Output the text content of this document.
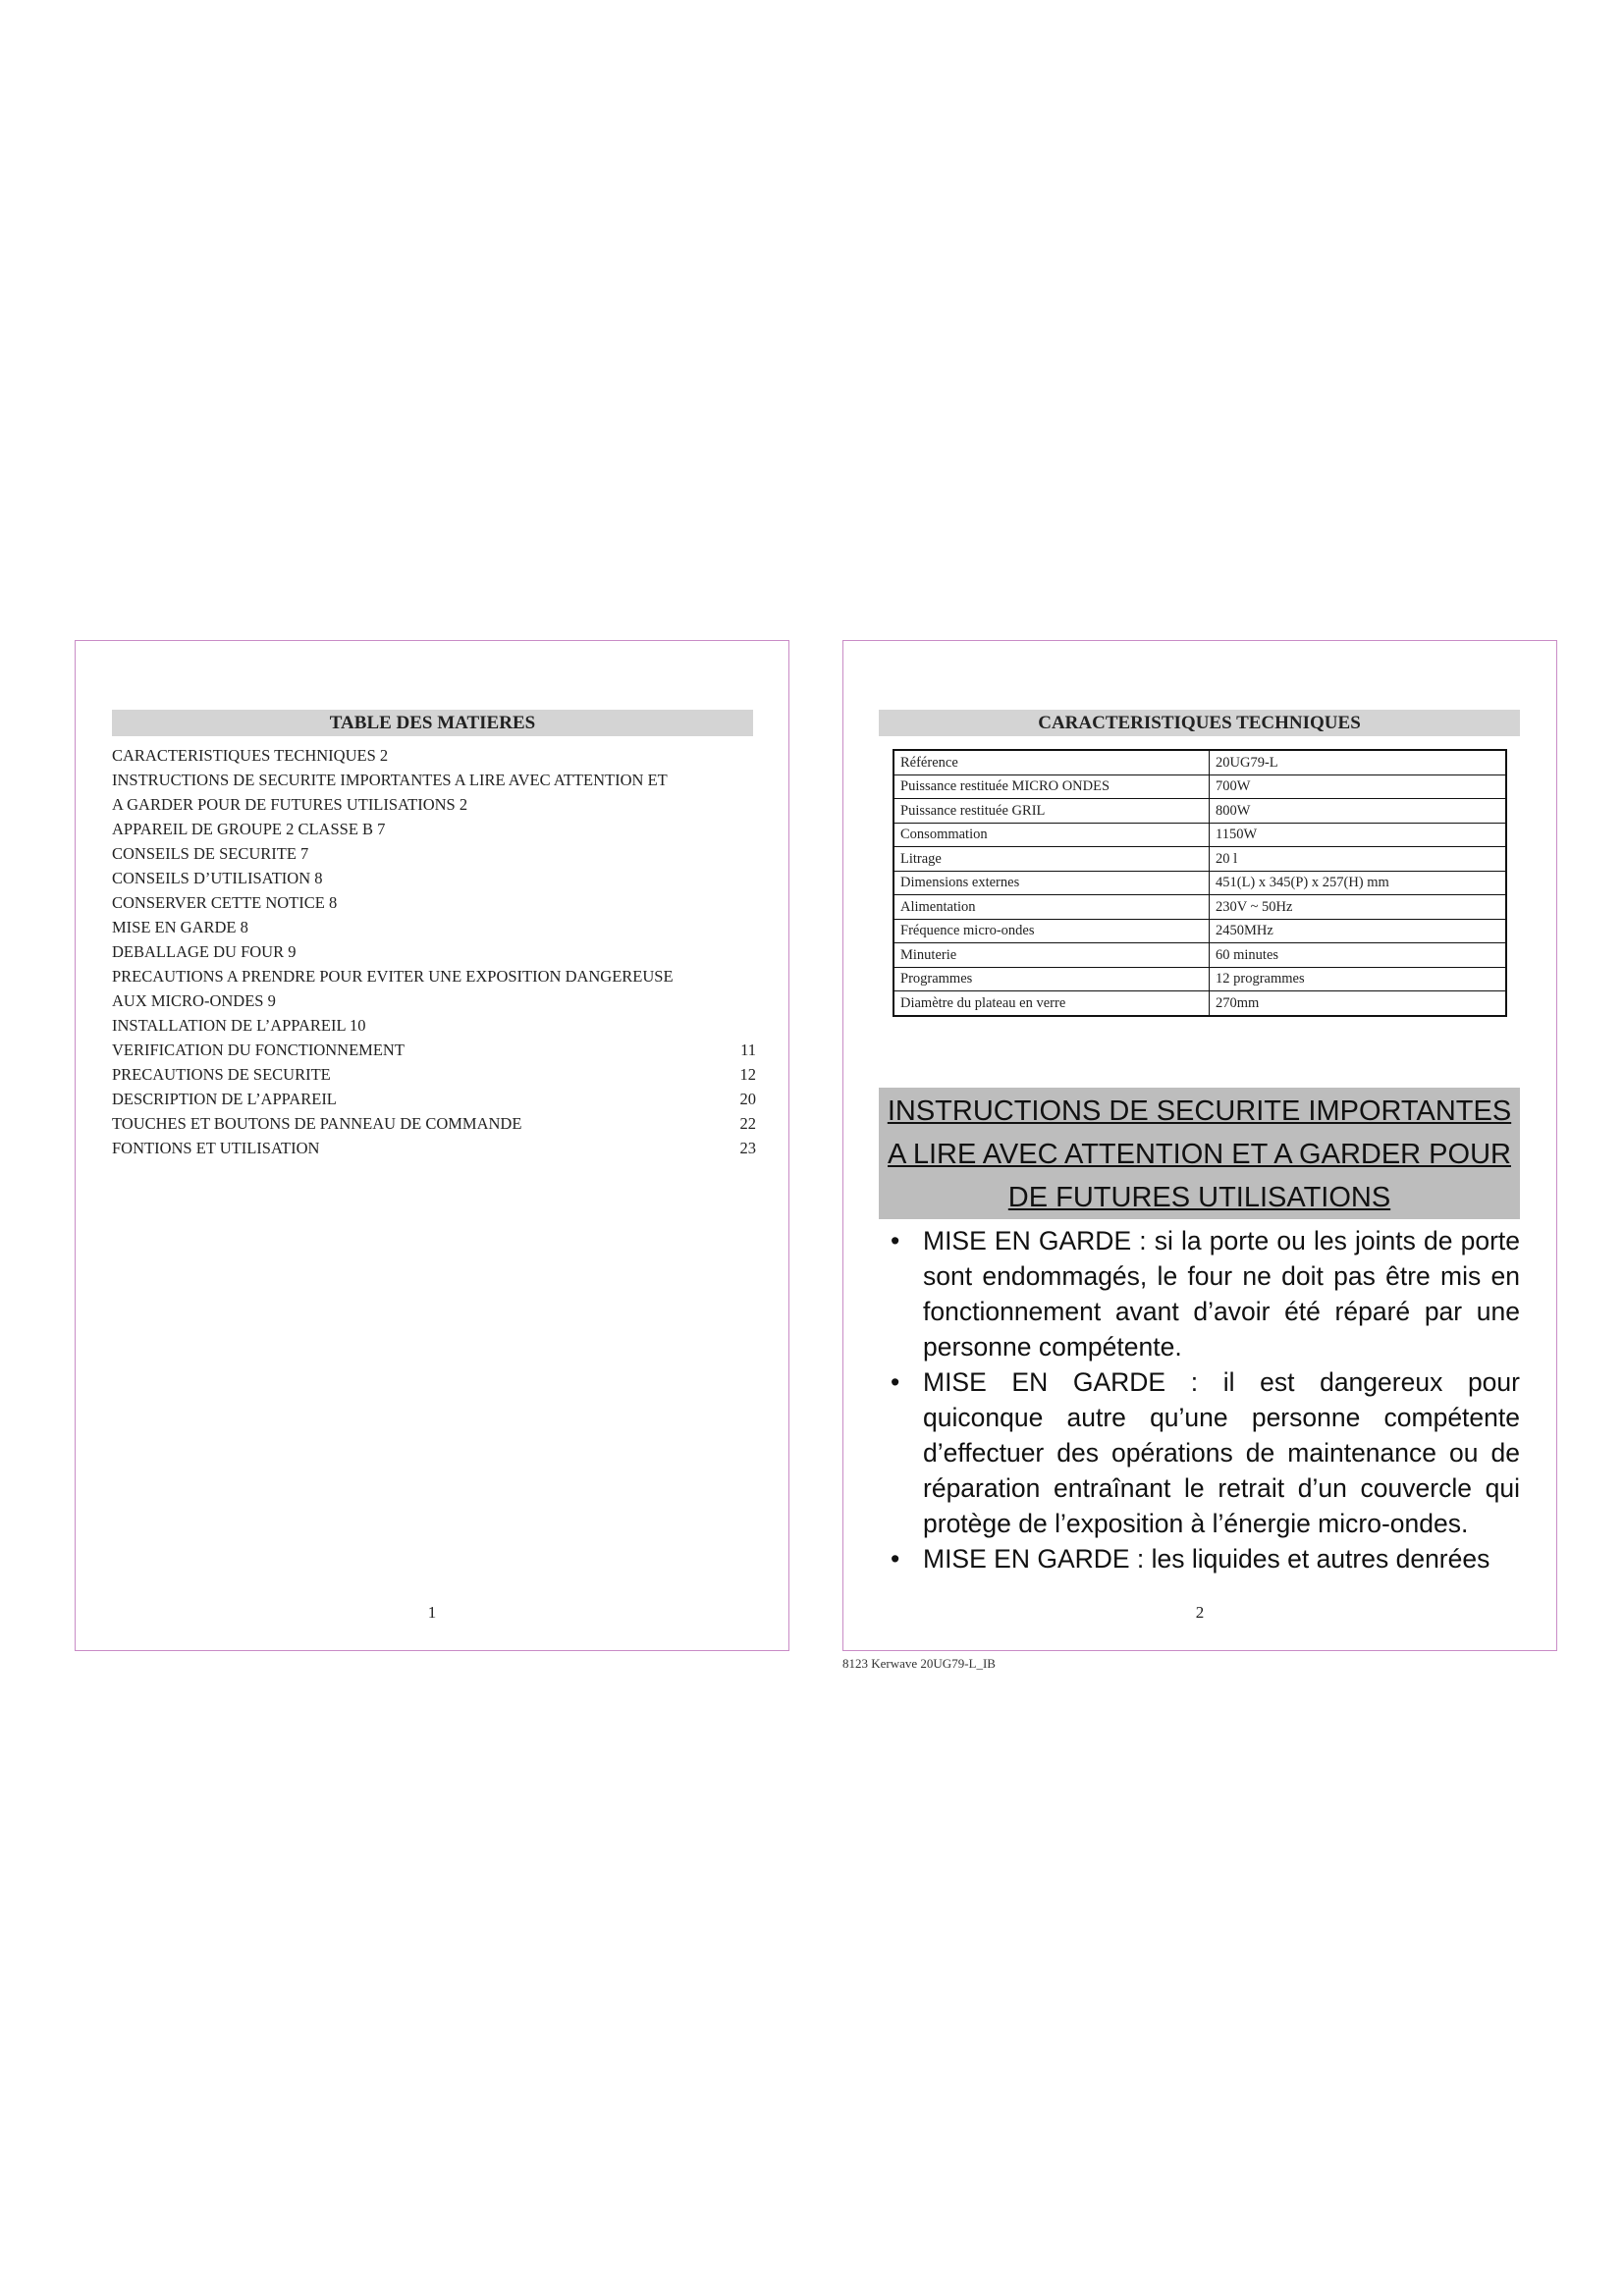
TABLE DES MATIERES
CARACTERISTIQUES TECHNIQUES 2
INSTRUCTIONS DE SECURITE IMPORTANTES A LIRE AVEC ATTENTION ET
A GARDER POUR DE FUTURES UTILISATIONS 2
APPAREIL DE GROUPE 2 CLASSE B 7
CONSEILS DE SECURITE 7
CONSEILS D’UTILISATION 8
CONSERVER CETTE NOTICE 8
MISE EN GARDE 8
DEBALLAGE DU FOUR 9
PRECAUTIONS A PRENDRE POUR EVITER UNE EXPOSITION DANGEREUSE
AUX MICRO-ONDES 9
INSTALLATION DE L’APPAREIL 10
VERIFICATION DU FONCTIONNEMENT	11
PRECAUTIONS DE SECURITE	12
DESCRIPTION DE L’APPAREIL	20
TOUCHES ET BOUTONS DE PANNEAU DE COMMANDE	22
FONTIONS ET UTILISATION	23
1
CARACTERISTIQUES TECHNIQUES
Référence	20UG79-L
Puissance restituée MICRO ONDES	700W
Puissance restituée GRIL	800W
Consommation	1150W
Litrage	20 l
Dimensions externes	451(L) x 345(P) x 257(H) mm
Alimentation	230V ~ 50Hz
Fréquence micro-ondes	2450MHz
Minuterie	60 minutes
Programmes	12 programmes
Diamètre du plateau en verre	270mm
INSTRUCTIONS DE SECURITE IMPORTANTES A LIRE AVEC ATTENTION ET A GARDER POUR DE FUTURES UTILISATIONS
• MISE EN GARDE : si la porte ou les joints de porte sont endommagés, le four ne doit pas être mis en fonctionnement avant d’avoir été réparé par une personne compétente.
• MISE EN GARDE : il est dangereux pour quiconque autre qu’une personne compétente d’effectuer des opérations de maintenance ou de réparation entraînant le retrait d’un couvercle qui protège de l’exposition à l’énergie micro-ondes.
• MISE EN GARDE : les liquides et autres denrées
2
8123 Kerwave 20UG79-L_IB
